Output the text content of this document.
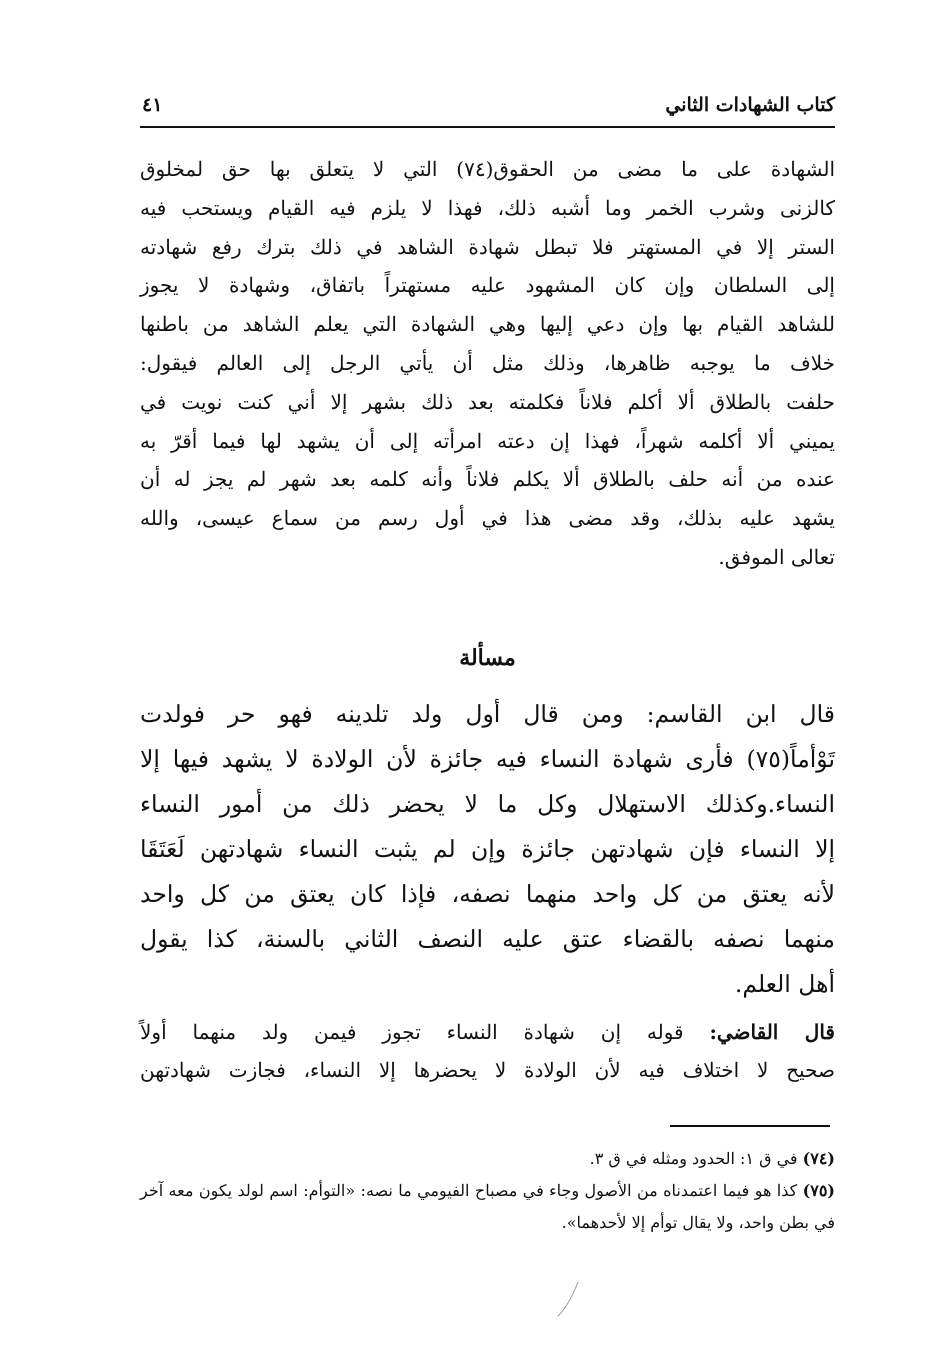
كتاب الشهادات الثاني
٤١

الشهادة على ما مضى من الحقوق(٧٤) التي لا يتعلق بها حق لمخلوق

كالزنى وشرب الخمر وما أشبه ذلك، فهذا لا يلزم فيه القيام ويستحب فيه

الستر إلا في المستهتر فلا تبطل شهادة الشاهد في ذلك بترك رفع شهادته

إلى السلطان وإن كان المشهود عليه مستهتراً باتفاق، وشهادة لا يجوز

للشاهد القيام بها وإن دعي إليها وهي الشهادة التي يعلم الشاهد من باطنها

خلاف ما يوجبه ظاهرها، وذلك مثل أن يأتي الرجل إلى العالم فيقول:

حلفت بالطلاق ألا أكلم فلاناً فكلمته بعد ذلك بشهر إلا أني كنت نويت في

يميني ألا أكلمه شهراً، فهذا إن دعته امرأته إلى أن يشهد لها فيما أقرّ به

عنده من أنه حلف بالطلاق ألا يكلم فلاناً وأنه كلمه بعد شهر لم يجز له أن

يشهد عليه بذلك، وقد مضى هذا في أول رسم من سماع عيسى، والله

تعالى الموفق.

مسألة

قال ابن القاسم: ومن قال أول ولد تلدينه فهو حر فولدت

تَوْأماً(٧٥) فأرى شهادة النساء فيه جائزة لأن الولادة لا يشهد فيها إلا

النساء.وكذلك الاستهلال وكل ما لا يحضر ذلك من أمور النساء

إلا النساء فإن شهادتهن جائزة وإن لم يثبت النساء شهادتهن لَعَتَقَا

لأنه يعتق من كل واحد منهما نصفه، فإذا كان يعتق من كل واحد

منهما نصفه بالقضاء عتق عليه النصف الثاني بالسنة، كذا يقول

أهل العلم.

قال القاضي: قوله إن شهادة النساء تجوز فيمن ولد منهما أولاً

صحيح لا اختلاف فيه لأن الولادة لا يحضرها إلا النساء، فجازت شهادتهن

(٧٤) في ق ١: الحدود ومثله في ق ٣.

(٧٥) كذا هو فيما اعتمدناه من الأصول وجاء في مصباح الفيومي ما نصه: «التوأم: اسم لولد يكون معه آخر في بطن واحد، ولا يقال توأم إلا لأحدهما».
